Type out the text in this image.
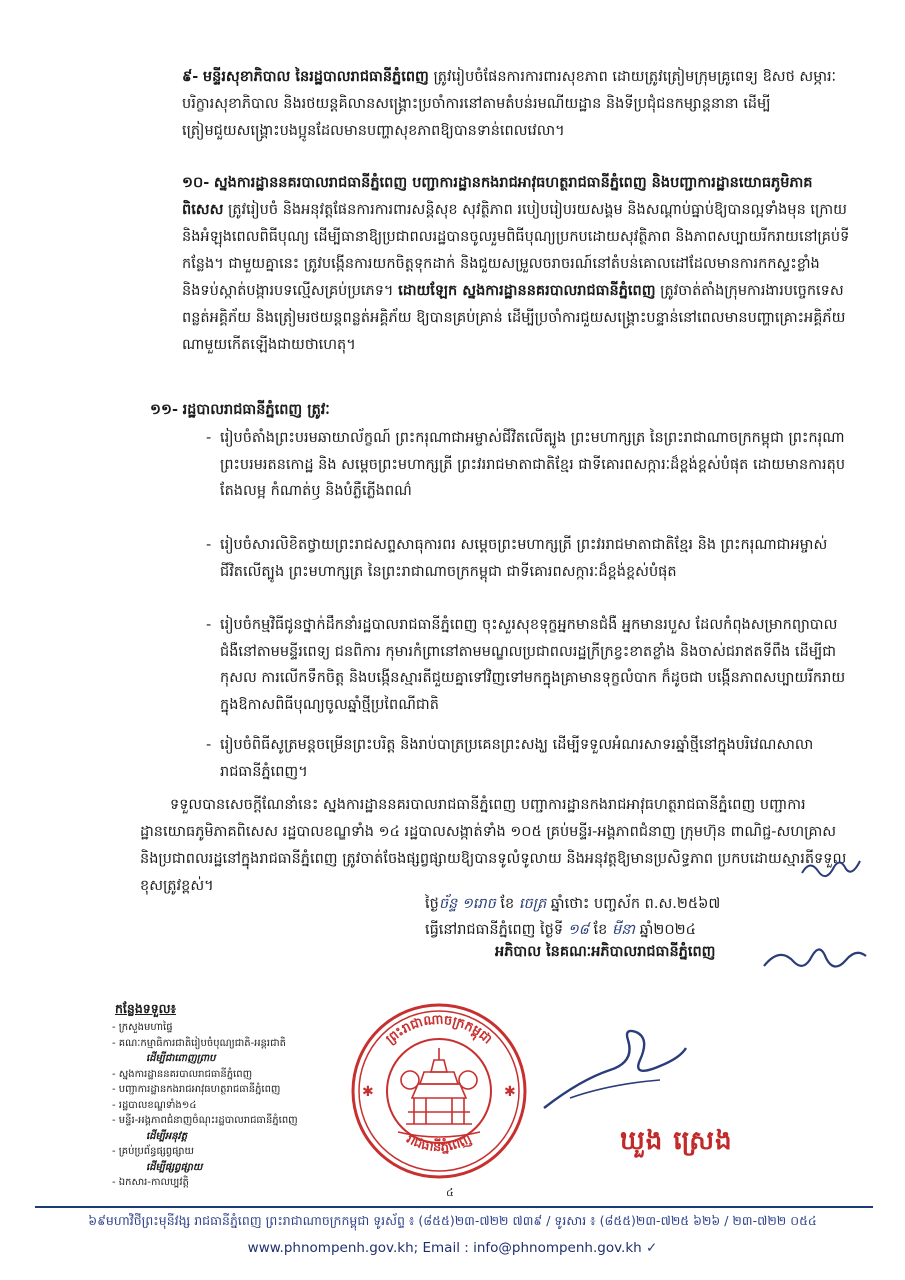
៩- មន្ទីរសុខាភិបាល នៃរដ្ឋបាលរាជធានីភ្នំពេញ ត្រូវរៀបចំផែនការការពារសុខភាព ដោយត្រូវត្រៀមក្រុមគ្រូពេទ្យ ឱសថ សម្ភារៈបរិក្ខារសុខាភិបាល និងរថយន្តគិលានសង្គ្រោះប្រចាំការនៅតាមតំបន់រមណីយដ្ឋាន និងទីប្រជុំជនកម្សាន្តនានា ដើម្បីត្រៀមជួយសង្គ្រោះបងប្អូនដែលមានបញ្ហាសុខភាពឱ្យបានទាន់ពេលវេលា។
១០- ស្នងការដ្ឋាននគរបាលរាជធានីភ្នំពេញ បញ្ជាការដ្ឋានកងរាជអាវុធហត្ថរាជធានីភ្នំពេញ និងបញ្ជាការដ្ឋានយោធភូមិភាគពិសេស ត្រូវរៀបចំ និងអនុវត្តផែនការការពារសន្តិសុខ សុវត្ថិភាព របៀបរៀបរយសង្គម និងសណ្តាប់ធ្នាប់ឱ្យបានល្អទាំងមុន ក្រោយ និងអំឡុងពេលពិធីបុណ្យ ដើម្បីធានាឱ្យប្រជាពលរដ្ឋបានចូលរួមពិធីបុណ្យប្រកបដោយសុវត្ថិភាព និងភាពសប្បាយរីករាយនៅគ្រប់ទីកន្លែង។ ជាមួយគ្នានេះ ត្រូវបង្កើនការយកចិត្តទុកដាក់ និងជួយសម្រួលចរាចរណ៍នៅតំបន់គោលដៅដែលមានការកកស្ទះខ្លាំង និងទប់ស្កាត់បង្ការបទល្មើសគ្រប់ប្រភេទ។ ដោយឡែក ស្នងការដ្ឋាននគរបាលរាជធានីភ្នំពេញ ត្រូវចាត់តាំងក្រុមការងារបច្ចេកទេសពន្លត់អគ្គិភ័យ និងត្រៀមរថយន្តពន្លត់អគ្គិភ័យ ឱ្យបានគ្រប់គ្រាន់ ដើម្បីប្រចាំការជួយសង្គ្រោះបន្ទាន់នៅពេលមានបញ្ហាគ្រោះអគ្គិភ័យណាមួយកើតឡើងជាយថាហេតុ។
១១- រដ្ឋបាលរាជធានីភ្នំពេញ ត្រូវៈ
- រៀបចំតាំងព្រះបរមឆាយាល័ក្ខណ៍ ព្រះករុណាជាអម្ចាស់ជីវិតលើត្បូង ព្រះមហាក្សត្រ នៃព្រះរាជាណាចក្រកម្ពុជា ព្រះករុណា ព្រះបរមរតនកោដ្ឋ និង សម្តេចព្រះមហាក្សត្រី ព្រះវររាជមាតាជាតិខ្មែរ ជាទីគោរពសក្ការៈដ៏ខ្ពង់ខ្ពស់បំផុត ដោយមានការតុបតែងលម្អ កំណាត់ឫ និងបំភ្លឺភ្លើងពណ៌
- រៀបចំសារលិខិតថ្វាយព្រះរាជសព្ទសាធុការពរ សម្តេចព្រះមហាក្សត្រី ព្រះវររាជមាតាជាតិខ្មែរ និង ព្រះករុណាជាអម្ចាស់ជីវិតលើត្បូង ព្រះមហាក្សត្រ នៃព្រះរាជាណាចក្រកម្ពុជា ជាទីគោរពសក្ការៈដ៏ខ្ពង់ខ្ពស់បំផុត
- រៀបចំកម្មវិធីជូនថ្នាក់ដឹកនាំរដ្ឋបាលរាជធានីភ្នំពេញ ចុះសួរសុខទុក្ខអ្នកមានជំងឺ អ្នកមានរបួស ដែលកំពុងសម្រាកព្យាបាលជំងឺនៅតាមមន្ទីរពេទ្យ ជនពិការ កុមារកំព្រានៅតាមមណ្ឌលប្រជាពលរដ្ឋក្រីក្រខ្វះខាតខ្លាំង និងចាស់ជរាឥតទីពឹង ដើម្បីជាកុសល ការលើកទឹកចិត្ត និងបង្កើនស្មារតីជួយគ្នាទៅវិញទៅមកក្នុងគ្រាមានទុក្ខលំបាក ក៏ដូចជា បង្កើនភាពសប្បាយរីករាយក្នុងឱកាសពិធីបុណ្យចូលឆ្នាំថ្មីប្រពៃណីជាតិ
- រៀបចំពិធីសូត្រមន្តចម្រើនព្រះបរិត្ត និងរាប់បាត្រប្រគេនព្រះសង្ឃ ដើម្បីទទួលអំណរសាទរឆ្នាំថ្មីនៅក្នុងបរិវេណសាលារាជធានីភ្នំពេញ។
ទទួលបានសេចក្តីណែនាំនេះ ស្នងការដ្ឋាននគរបាលរាជធានីភ្នំពេញ បញ្ជាការដ្ឋានកងរាជអាវុធហត្ថរាជធានីភ្នំពេញ បញ្ជាការដ្ឋានយោធភូមិភាគពិសេស រដ្ឋបាលខណ្ឌទាំង ១៤ រដ្ឋបាលសង្កាត់ទាំង ១០៥ គ្រប់មន្ទីរ-អង្គភាពជំនាញ ក្រុមហ៊ុន ពាណិជ្ជ-សហគ្រាស និងប្រជាពលរដ្ឋនៅក្នុងរាជធានីភ្នំពេញ ត្រូវចាត់ចែងផ្សព្វផ្សាយឱ្យបានទូលំទូលាយ និងអនុវត្តឱ្យមានប្រសិទ្ធភាព ប្រកបដោយស្មារតីទទួលខុសត្រូវខ្ពស់។
ថ្ងៃច័ន្ទ ១រោច ខែ ចេត្រ ឆ្នាំថោះ បញ្ចស័ក ព.ស.២៥៦៧
ធ្វើនៅរាជធានីភ្នំពេញ ថ្ងៃទី ១៨ ខែ មីនា ឆ្នាំ២០២៤
អភិបាល នៃគណៈអភិបាលរាជធានីភ្នំពេញ
ព្រះរាជាណាចក្រកម្ពុជា
រាជធានីភ្នំពេញ
✱	✱
ឃួង ស្រេង
កន្លែងទទួល៖
- ក្រសួងមហាផ្ទៃ
- គណៈកម្មាធិការជាតិរៀបចំបុណ្យជាតិ-អន្តរជាតិ
ដើម្បីជាពោញព្រាប
- ស្នងការដ្ឋាននគរបាលរាជធានីភ្នំពេញ
- បញ្ជាការដ្ឋានកងរាជអាវុធហត្ថរាជធានីភ្នំពេញ
- រដ្ឋបាលខណ្ឌទាំង១៤
- មន្ទីរ-អង្គភាពជំនាញចំណុះរដ្ឋបាលរាជធានីភ្នំពេញ
ដើម្បីអនុវត្ត
- គ្រប់ប្រព័ន្ធផ្សព្វផ្សាយ
ដើម្បីផ្សព្វផ្សាយ
- ឯកសារ-កាលប្បវត្តិ
៤
៦៩មហាវិថីព្រះមុនីវង្ស រាជធានីភ្នំពេញ ព្រះរាជាណាចក្រកម្ពុជា ទូរស័ព្ទ ៖ (៨៥៥)២៣-៧២២ ៧៣៩ / ទូរសារ ៖ (៨៥៥)២៣-៧២៥ ៦២៦ / ២៣-៧២២ ០៥៤
www.phnompenh.gov.kh; Email : info@phnompenh.gov.kh ✓
